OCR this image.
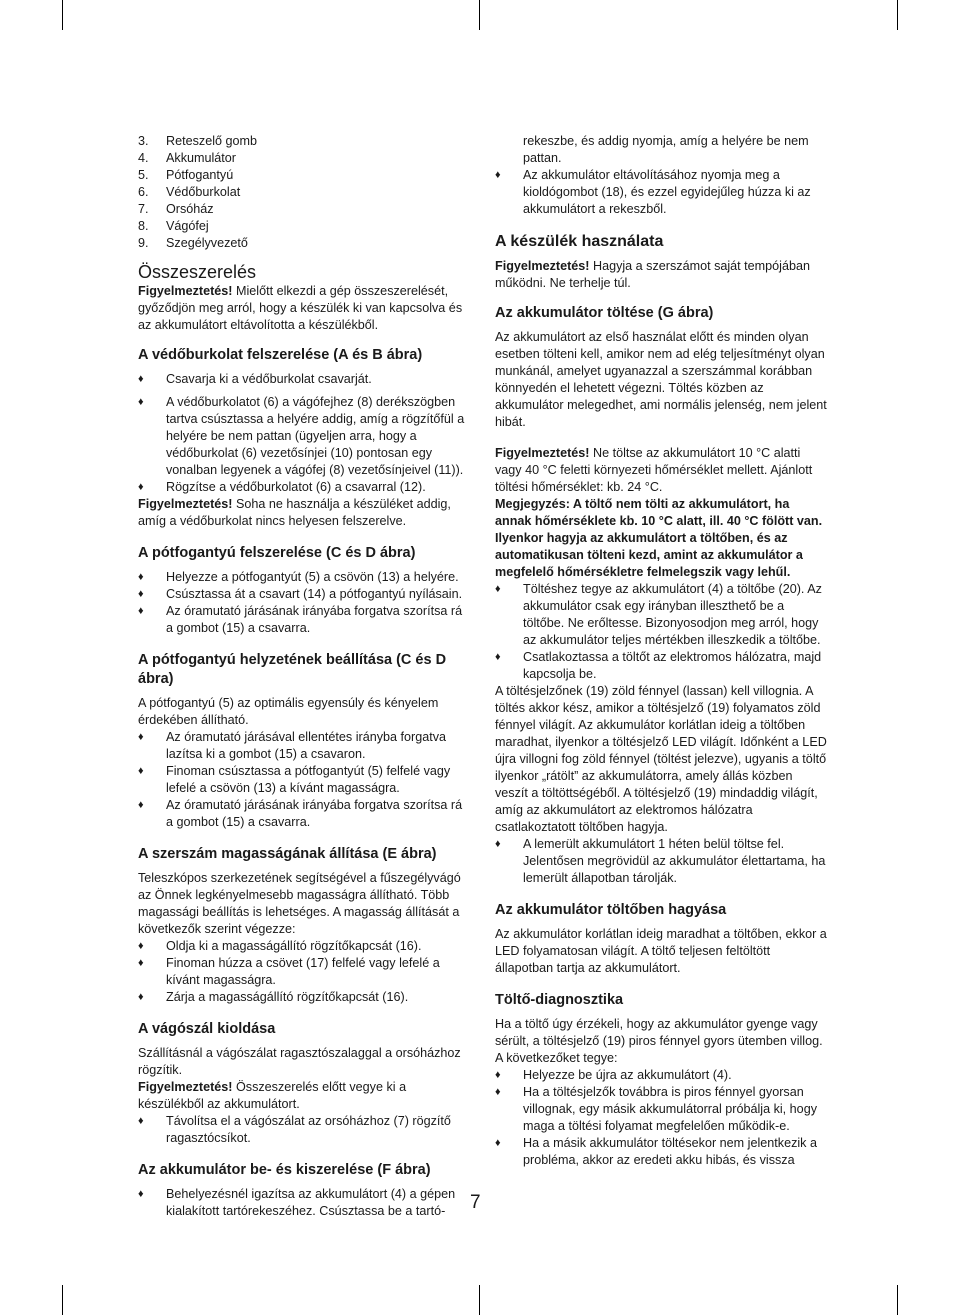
3.	Reteszelő gomb
4.	Akkumulátor
5.	Pótfogantyú
6.	Védőburkolat
7.	Orsóház
8.	Vágófej
9.	Szegélyvezető
Összeszerelés

Figyelmeztetés! Mielőtt elkezdi a gép összeszerelését, győződjön meg arról, hogy a készülék ki van kapcsolva és az akkumulátort eltávolította a készülékből.

A védőburkolat felszerelése (A és B ábra)
♦	Csavarja ki a védőburkolat csavarját.
♦	A védőburkolatot (6) a vágófejhez (8) derékszögben tartva csúsztassa a helyére addig, amíg a rögzítőfül a helyére be nem pattan (ügyeljen arra, hogy a védőburkolat (6) vezetősínjei (10) pontosan egy vonalban legyenek a vágófej (8) vezetősínjeivel (11)).
♦	Rögzítse a védőburkolatot (6) a csavarral (12).

Figyelmeztetés! Soha ne használja a készüléket addig, amíg a védőburkolat nincs helyesen felszerelve.

A pótfogantyú felszerelése (C és D ábra)
♦	Helyezze a pótfogantyút (5) a csövön (13) a helyére.
♦	Csúsztassa át a csavart (14) a pótfogantyú nyílásain.
♦	Az óramutató járásának irányába forgatva szorítsa rá a gombot (15) a csavarra.
A pótfogantyú helyzetének beállítása (C és D ábra)

A pótfogantyú (5) az optimális egyensúly és kényelem érdekében állítható.

♦	Az óramutató járásával ellentétes irányba forgatva lazítsa ki a gombot (15) a csavaron.
♦	Finoman csúsztassa a pótfogantyút (5) felfelé vagy lefelé a csövön (13) a kívánt magasságra.
♦	Az óramutató járásának irányába forgatva szorítsa rá a gombot (15) a csavarra.
A szerszám magasságának állítása (E ábra)

Teleszkópos szerkezetének segítségével a fűszegélyvágó az Önnek legkényelmesebb magasságra állítható. Több magassági beállítás is lehetséges. A magasság állítását a következők szerint végezze:

♦	Oldja ki a magasságállító rögzítőkapcsát (16).
♦	Finoman húzza a csövet (17) felfelé vagy lefelé a kívánt magasságra.
♦	Zárja a magasságállító rögzítőkapcsát (16).
A vágószál kioldása

Szállításnál a vágószálat ragasztószalaggal a orsóházhoz rögzítik.

Figyelmeztetés! Összeszerelés előtt vegye ki a készülékből az akkumulátort.

♦	Távolítsa el a vágószálat az orsóházhoz (7) rögzítő ragasztócsíkot.
Az akkumulátor be- és kiszerelése (F ábra)
♦	Behelyezésnél igazítsa az akkumulátort (4) a gépen kialakított tartórekeszéhez. Csúsztassa be a tartó-

rekeszbe, és addig nyomja, amíg a helyére be nem pattan.

♦	Az akkumulátor eltávolításához nyomja meg a kioldógombot (18), és ezzel egyidejűleg húzza ki az akkumulátort a rekeszből.
A készülék használata

Figyelmeztetés! Hagyja a szerszámot saját tempójában működni. Ne terhelje túl.

Az akkumulátor töltése (G ábra)

Az akkumulátort az első használat előtt és minden olyan esetben tölteni kell, amikor nem ad elég teljesítményt olyan munkánál, amelyet ugyanazzal a szerszámmal korábban könnyedén el lehetett végezni. Töltés közben az akkumulátor melegedhet, ami normális jelenség, nem jelent hibát.

Figyelmeztetés! Ne töltse az akkumulátort 10 °C alatti vagy 40 °C feletti környezeti hőmérséklet mellett. Ajánlott töltési hőmérséklet: kb. 24 °C.

Megjegyzés: A töltő nem tölti az akkumulátort, ha annak hőmérséklete kb. 10 °C alatt, ill. 40 °C fölött van. Ilyenkor hagyja az akkumulátort a töltőben, és az automatikusan tölteni kezd, amint az akkumulátor a megfelelő hőmérsékletre felmelegszik vagy lehűl.

♦	Töltéshez tegye az akkumulátort (4) a töltőbe (20). Az akkumulátor csak egy irányban illeszthető be a töltőbe. Ne erőltesse. Bizonyosodjon meg arról, hogy az akkumulátor teljes mértékben illeszkedik a töltőbe.
♦	Csatlakoztassa a töltőt az elektromos hálózatra, majd kapcsolja be.

A töltésjelzőnek (19) zöld fénnyel (lassan) kell villognia. A töltés akkor kész, amikor a töltésjelző (19) folyamatos zöld fénnyel világít. Az akkumulátor korlátlan ideig a töltőben maradhat, ilyenkor a töltésjelző LED világít. Időnként a LED újra villogni fog zöld fénnyel (töltést jelezve), ugyanis a töltő ilyenkor „rátölt” az akkumulátorra, amely állás közben veszít a töltöttségéből. A töltésjelző (19) mindaddig világít, amíg az akkumulátort az elektromos hálózatra csatlakoztatott töltőben hagyja.

♦	A lemerült akkumulátort 1 héten belül töltse fel. Jelentősen megrövidül az akkumulátor élettartama, ha lemerült állapotban tárolják.
Az akkumulátor töltőben hagyása

Az akkumulátor korlátlan ideig maradhat a töltőben, ekkor a LED folyamatosan világít. A töltő teljesen feltöltött állapotban tartja az akkumulátort.

Töltő-diagnosztika

Ha a töltő úgy érzékeli, hogy az akkumulátor gyenge vagy sérült, a töltésjelző (19) piros fénnyel gyors ütemben villog. A következőket tegye:

♦	Helyezze be újra az akkumulátort (4).
♦	Ha a töltésjelzők továbbra is piros fénnyel gyorsan villognak, egy másik akkumulátorral próbálja ki, hogy maga a töltési folyamat megfelelően működik-e.
♦	Ha a másik akkumulátor töltésekor nem jelentkezik a probléma, akkor az eredeti akku hibás, és vissza
7
